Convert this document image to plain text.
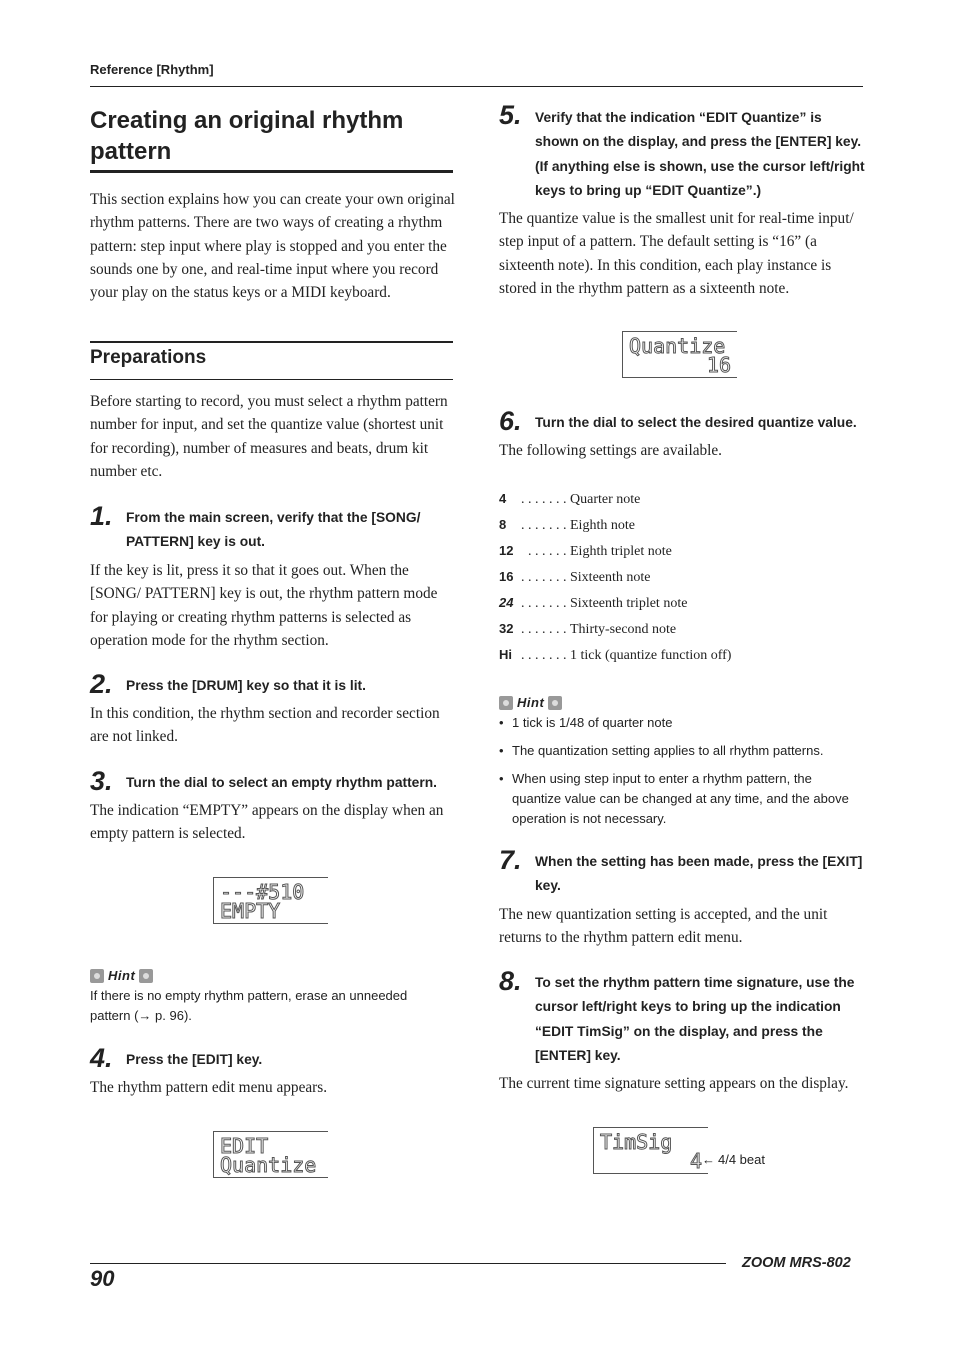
Reference [Rhythm]
Creating an original rhythm pattern
This section explains how you can create your own original rhythm patterns. There are two ways of creating a rhythm pattern: step input where play is stopped and you enter the sounds one by one, and real-time input where you record your play on the status keys or a MIDI keyboard.
Preparations
Before starting to record, you must select a rhythm pattern number for input, and set the quantize value (shortest unit for recording), number of measures and beats, drum kit number etc.
1. From the main screen, verify that the [SONG/ PATTERN] key is out.
If the key is lit, press it so that it goes out. When the [SONG/ PATTERN] key is out, the rhythm pattern mode for playing or creating rhythm patterns is selected as operation mode for the rhythm section.
2. Press the [DRUM] key so that it is lit.
In this condition, the rhythm section and recorder section are not linked.
3. Turn the dial to select an empty rhythm pattern.
The indication “EMPTY” appears on the display when an empty pattern is selected.
---#510
EMPTY
Hint
If there is no empty rhythm pattern, erase an unneeded pattern (→ p. 96).
4. Press the [EDIT] key.
The rhythm pattern edit menu appears.
EDIT
Quantize
5. Verify that the indication “EDIT Quantize” is shown on the display, and press the [ENTER] key. (If anything else is shown, use the cursor left/right keys to bring up “EDIT Quantize”.)
The quantize value is the smallest unit for real-time input/ step input of a pattern. The default setting is “16” (a sixteenth note). In this condition, each play instance is stored in the rhythm pattern as a sixteenth note.
Quantize
16
6. Turn the dial to select the desired quantize value.
The following settings are available.
4 . . . . . . . Quarter note
8 . . . . . . . Eighth note
12 . . . . . . Eighth triplet note
16 . . . . . . . Sixteenth note
24 . . . . . . . Sixteenth triplet note
32 . . . . . . . Thirty-second note
Hi . . . . . . . 1 tick (quantize function off)
Hint
• 1 tick is 1/48 of quarter note
• The quantization setting applies to all rhythm patterns.
• When using step input to enter a rhythm pattern, the quantize value can be changed at any time, and the above operation is not necessary.
7. When the setting has been made, press the [EXIT] key.
The new quantization setting is accepted, and the unit returns to the rhythm pattern edit menu.
8. To set the rhythm pattern time signature, use the cursor left/right keys to bring up the indication “EDIT TimSig” on the display, and press the [ENTER] key.
The current time signature setting appears on the display.
TimSig
4 ← 4/4 beat
ZOOM MRS-802
90
